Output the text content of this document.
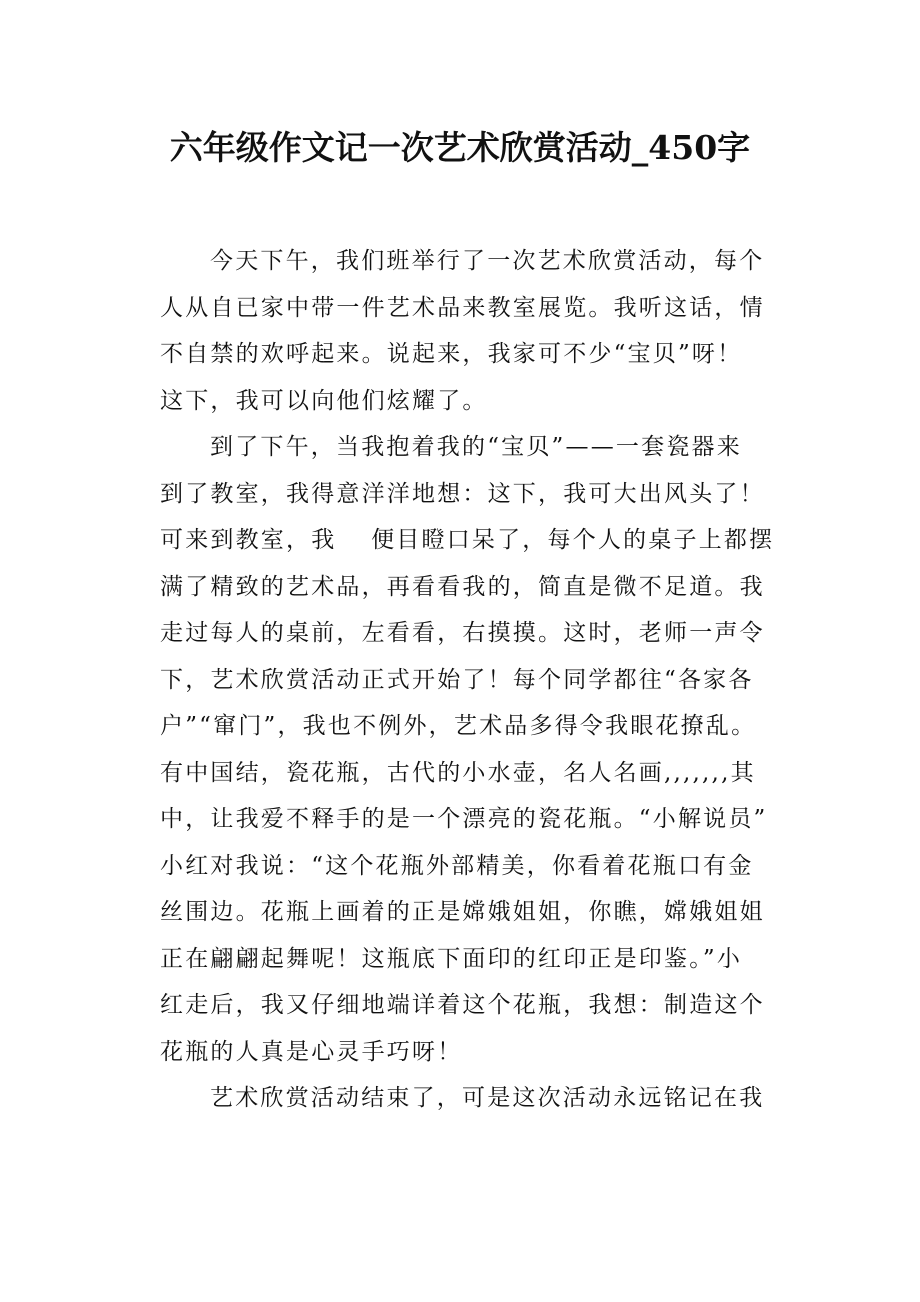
六年级作文记一次艺术欣赏活动_450字
今天下午，我们班举行了一次艺术欣赏活动，每个
人从自已家中带一件艺术品来教室展览。我听这话，情
不自禁的欢呼起来。说起来，我家可不少“宝贝”呀！
这下，我可以向他们炫耀了。
到了下午，当我抱着我的“宝贝”——一套瓷器来
到了教室，我得意洋洋地想：这下，我可大出风头了！
可来到教室，我　 便目瞪口呆了，每个人的桌子上都摆
满了精致的艺术品，再看看我的，简直是微不足道。我
走过每人的桌前，左看看，右摸摸。这时，老师一声令
下，艺术欣赏活动正式开始了！每个同学都往“各家各
户”“窜门”，我也不例外，艺术品多得令我眼花撩乱。
有中国结，瓷花瓶，古代的小水壶，名人名画,,,,,,,其
中，让我爱不释手的是一个漂亮的瓷花瓶。“小解说员”
小红对我说：“这个花瓶外部精美，你看着花瓶口有金
丝围边。花瓶上画着的正是嫦娥姐姐，你瞧，嫦娥姐姐
正在翩翩起舞呢！这瓶底下面印的红印正是印鉴。”小
红走后，我又仔细地端详着这个花瓶，我想：制造这个
花瓶的人真是心灵手巧呀！
艺术欣赏活动结束了，可是这次活动永远铭记在我
